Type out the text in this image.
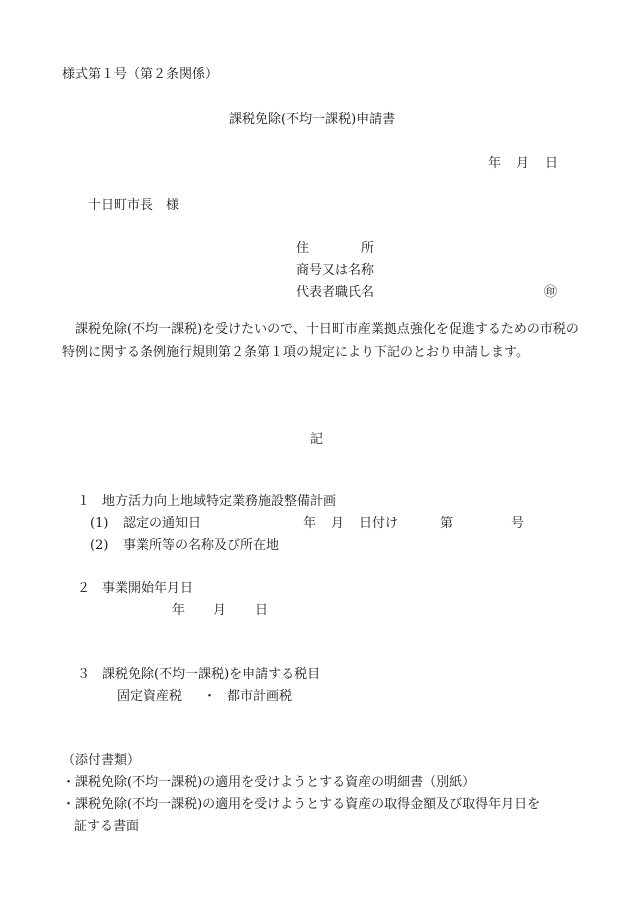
様式第１号（第２条関係）
課税免除(不均一課税)申請書
年 月 日
十日町市長　様
住　　　　所
商号又は名称
代表者職氏名	㊞
課税免除(不均一課税)を受けたいので、十日町市産業拠点強化を促進するための市税の特例に関する条例施行規則第２条第１項の規定により下記のとおり申請します。
記
１ 地方活力向上地域特定業務施設整備計画
(1) 認定の通知日	年 月 日付け	第	号
(2) 事業所等の名称及び所在地
２ 事業開始年月日
年 月 日
３ 課税免除(不均一課税)を申請する税目
固定資産税 ・ 都市計画税
（添付書類）
・課税免除(不均一課税)の適用を受けようとする資産の明細書（別紙）
・課税免除(不均一課税)の適用を受けようとする資産の取得金額及び取得年月日を
証する書面
